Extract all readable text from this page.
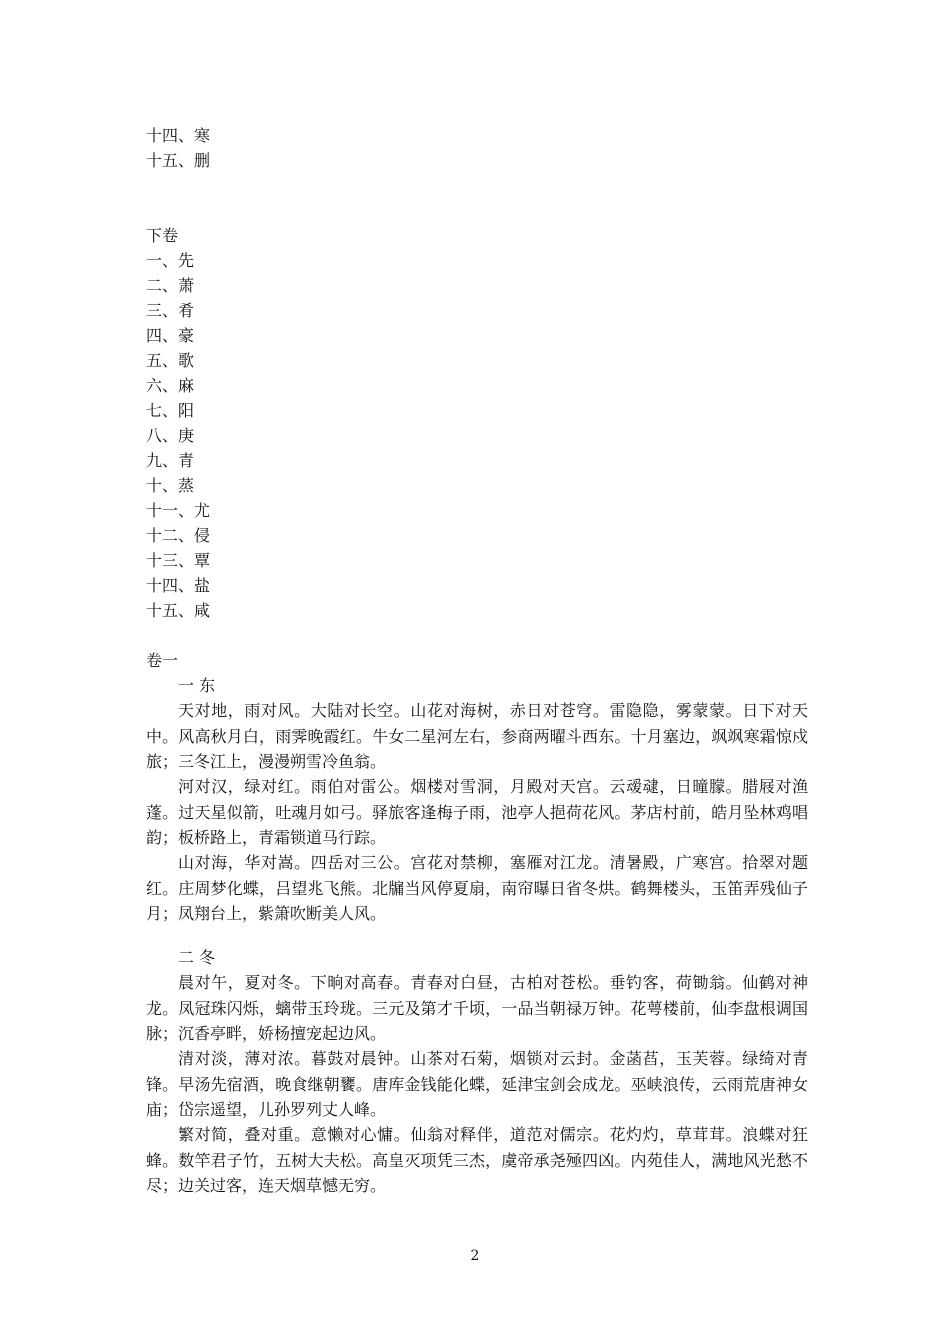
十四、寒
十五、删
下卷
一、先
二、萧
三、肴
四、豪
五、歌
六、麻
七、阳
八、庚
九、青
十、蒸
十一、尤
十二、侵
十三、覃
十四、盐
十五、咸
卷一
一 东
天对地，雨对风。大陆对长空。山花对海树，赤日对苍穹。雷隐隐，雾蒙蒙。日下对天中。风高秋月白，雨霁晚霞红。牛女二星河左右，参商两曜斗西东。十月塞边，飒飒寒霜惊戍旅；三冬江上，漫漫朔雪冷鱼翁。
河对汉，绿对红。雨伯对雷公。烟楼对雪洞，月殿对天宫。云叆叇，日曈朦。腊屐对渔蓬。过天星似箭，吐魂月如弓。驿旅客逢梅子雨，池亭人挹荷花风。茅店村前，皓月坠林鸡唱韵；板桥路上，青霜锁道马行踪。
山对海，华对嵩。四岳对三公。宫花对禁柳，塞雁对江龙。清暑殿，广寒宫。拾翠对题红。庄周梦化蝶，吕望兆飞熊。北牖当风停夏扇，南帘曝日省冬烘。鹤舞楼头，玉笛弄残仙子月；凤翔台上，紫箫吹断美人风。
二 冬
晨对午，夏对冬。下晌对高春。青春对白昼，古柏对苍松。垂钓客，荷锄翁。仙鹤对神龙。凤冠珠闪烁，螭带玉玲珑。三元及第才千顷，一品当朝禄万钟。花萼楼前，仙李盘根调国脉；沉香亭畔，娇杨擅宠起边风。
清对淡，薄对浓。暮鼓对晨钟。山茶对石菊，烟锁对云封。金菡萏，玉芙蓉。绿绮对青锋。早汤先宿酒，晚食继朝饔。唐库金钱能化蝶，延津宝剑会成龙。巫峡浪传，云雨荒唐神女庙；岱宗遥望，儿孙罗列丈人峰。
繁对简，叠对重。意懒对心慵。仙翁对释伴，道范对儒宗。花灼灼，草茸茸。浪蝶对狂蜂。数竿君子竹，五树大夫松。高皇灭项凭三杰，虞帝承尧殛四凶。内苑佳人，满地风光愁不尽；边关过客，连天烟草憾无穷。
2
